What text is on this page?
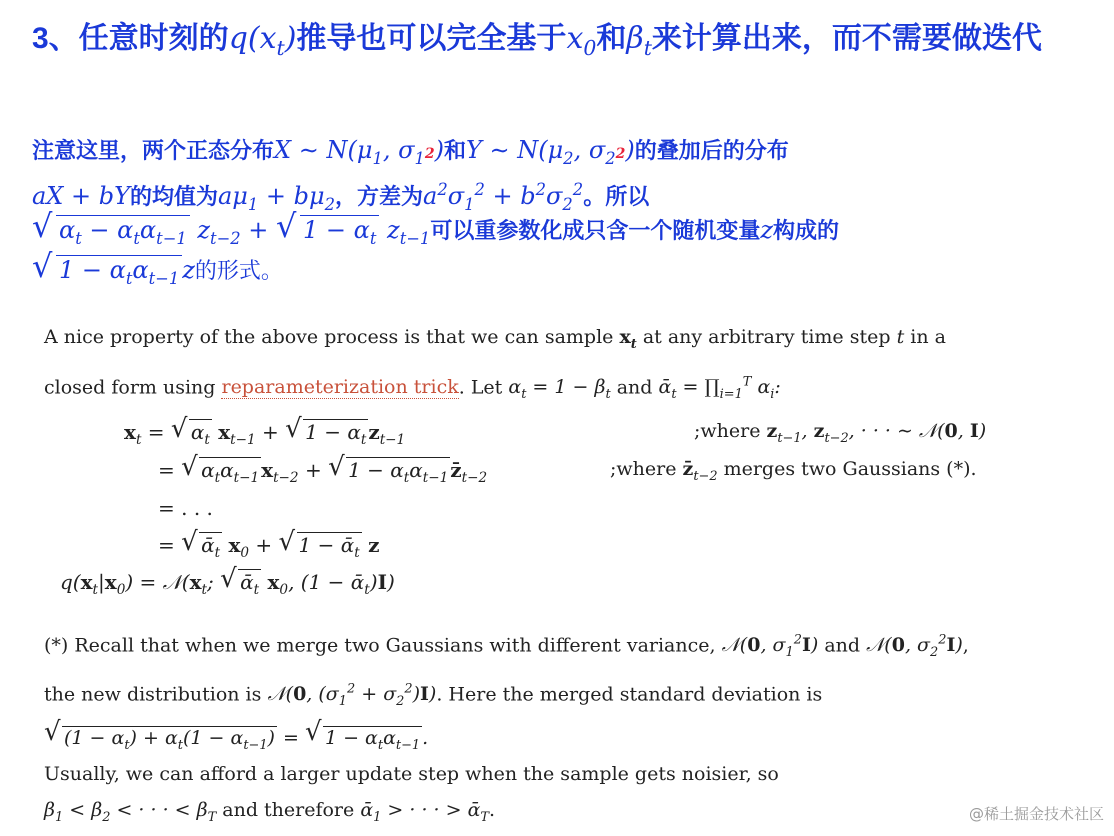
3、任意时刻的$q(x_t)$推导也可以完全基于$x_0$和$\beta_t$来计算出来，而不需要做迭代
注意这里，两个正态分布X ∼ $N(\mu_1$, $\sigma_12$)和Y ∼ $N(\mu_2$, $\sigma_22$)的叠加后的分布
aX + bY的均值为$a\mu_1 + b\mu_2$，方差为$a^2\sigma_1^2 + b^2\sigma_2^2$。所以
√ $\alpha_t - \alpha_t\alpha_{t-1}$ $z_{t-2}$ + √ $1 - \alpha_t$ $z_{t-1}$可以重参数化成只含一个随机变量z构成的
√ $1 - \alpha_t\alpha_{t-1}$ z的形式。
A nice property of the above process is that we can sample $x_t$ at any arbitrary time step t in a
closed form using reparameterization trick. Let $\alpha_t = 1 - \beta_t$ and ᾱ$_t$ = $\prod_{i=1}^T$ $\alpha_i$:
$x_t$ = √ $\alpha_t$ $x_{t-1}$ + √ $1 - \alpha_t$ $z_{t-1}$	;where $z_{t-1}$, $z_{t-2}$, · · · ∼ 𝒩(0, I)
= √ $\alpha_t\alpha_{t-1}$ $x_{t-2}$ + √ $1 - \alpha_t\alpha_{t-1}$ $z̄_{t-2}$	;where $z̄_{t-2}$ merges two Gaussians (*).
= . . .
= √ ᾱ$_t$ $x_0$ + √ 1 − ᾱ$_t$ z
$q(x_t|x_0)$ = $𝒩(x_t$; √ ᾱ$_t$ $x_0$, (1 − ᾱ$_t$)I)
(*) Recall that when we merge two Gaussians with different variance, 𝒩(0, $\sigma_1^2I$) and 𝒩(0, $\sigma_2^2I$),
the new distribution is 𝒩(0, $(\sigma_1^2 + \sigma_2^2)I$). Here the merged standard deviation is

√ $(1 - \alpha_t) + \alpha_t(1 - \alpha_{t-1})$ = √ $1 - \alpha_t\alpha_{t-1}$ .
Usually, we can afford a larger update step when the sample gets noisier, so
$\beta_1 < \beta_2$ < · · · < $\beta_T$ and therefore ᾱ$_1$ > · · · > ᾱ$_T$.	@稀土掘金技术社区
